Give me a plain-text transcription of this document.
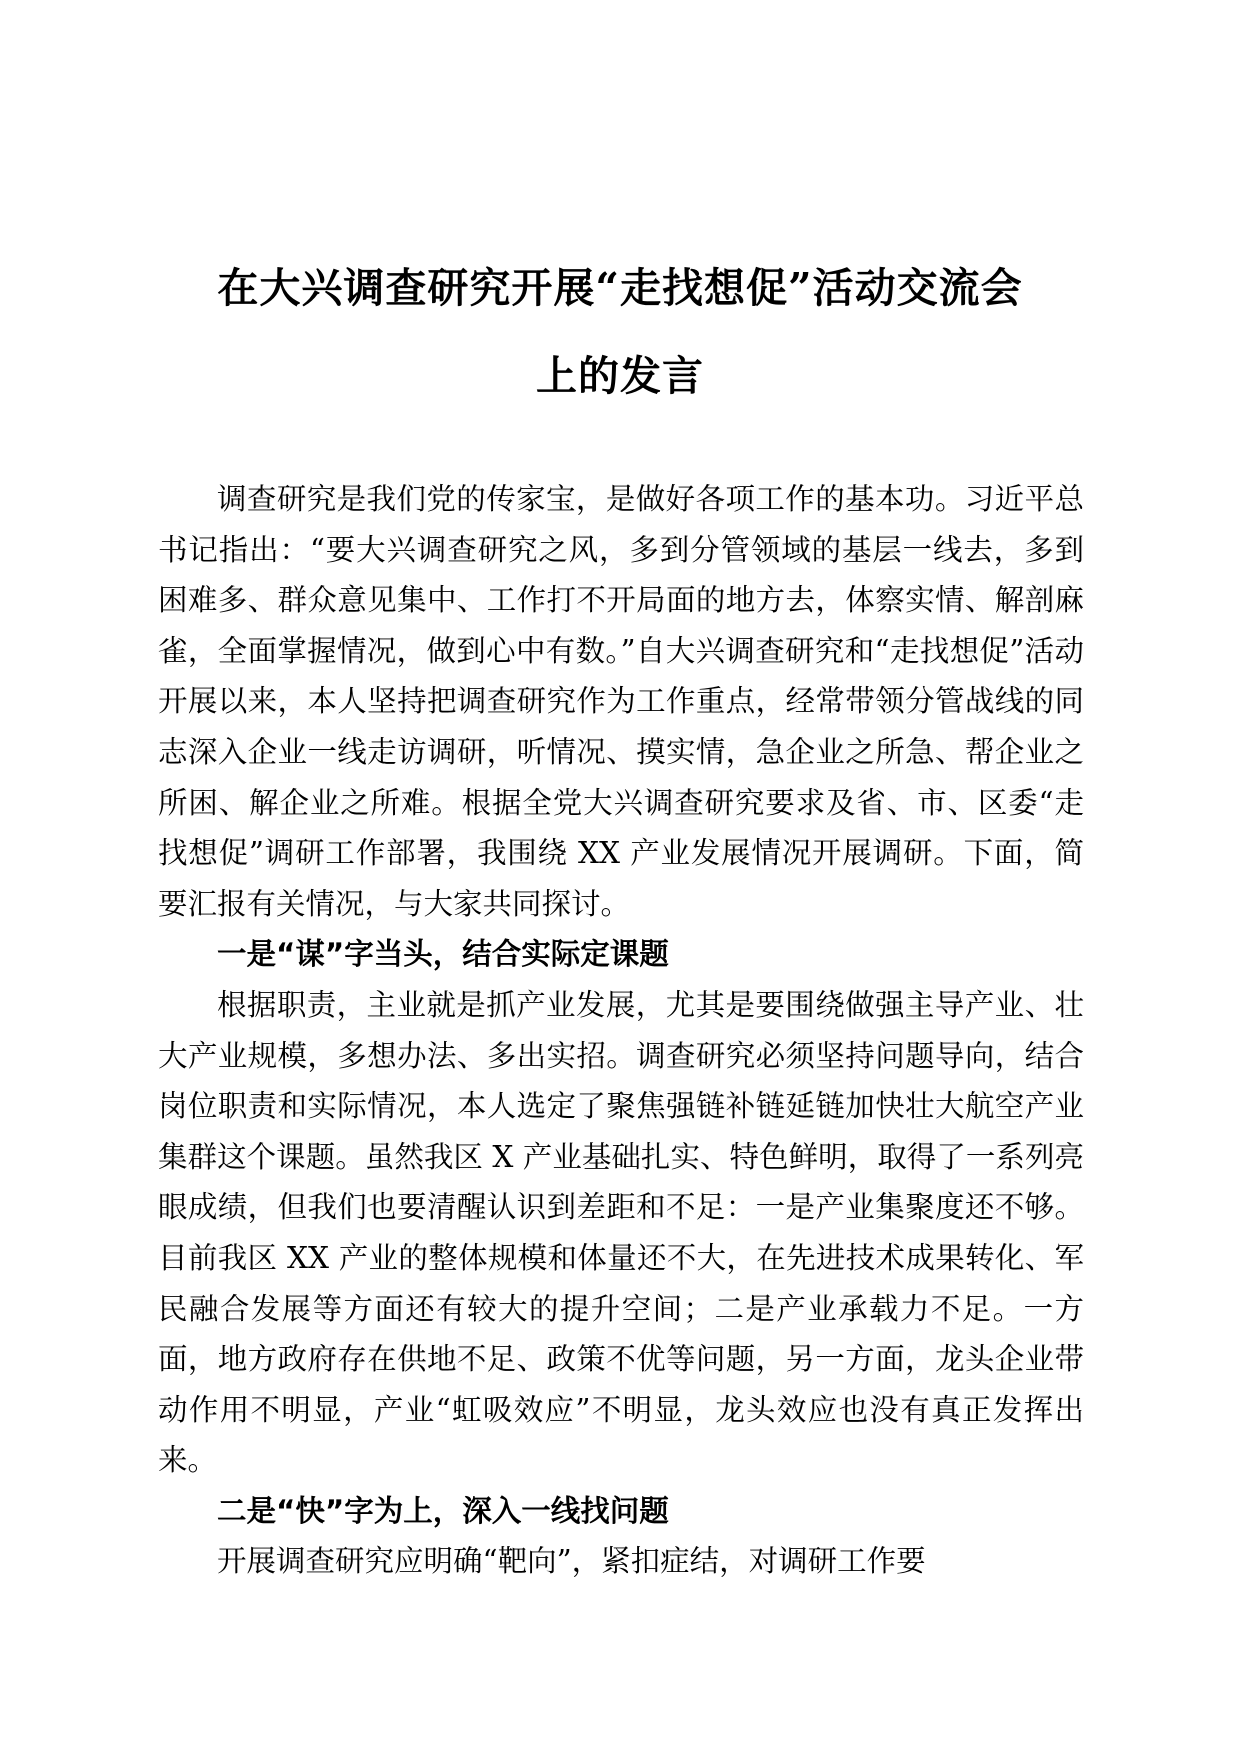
在大兴调查研究开展“走找想促”活动交流会
上的发言

调查研究是我们党的传家宝，是做好各项工作的基本功。习近平总书记指出：“要大兴调查研究之风，多到分管领域的基层一线去，多到困难多、群众意见集中、工作打不开局面的地方去，体察实情、解剖麻雀，全面掌握情况，做到心中有数。”自大兴调查研究和“走找想促”活动开展以来，本人坚持把调查研究作为工作重点，经常带领分管战线的同志深入企业一线走访调研，听情况、摸实情，急企业之所急、帮企业之所困、解企业之所难。根据全党大兴调查研究要求及省、市、区委“走找想促”调研工作部署，我围绕 XX 产业发展情况开展调研。下面，简要汇报有关情况，与大家共同探讨。

一是“谋”字当头，结合实际定课题

根据职责，主业就是抓产业发展，尤其是要围绕做强主导产业、壮大产业规模，多想办法、多出实招。调查研究必须坚持问题导向，结合岗位职责和实际情况，本人选定了聚焦强链补链延链加快壮大航空产业集群这个课题。虽然我区 X 产业基础扎实、特色鲜明，取得了一系列亮眼成绩，但我们也要清醒认识到差距和不足：一是产业集聚度还不够。目前我区 XX 产业的整体规模和体量还不大，在先进技术成果转化、军民融合发展等方面还有较大的提升空间；二是产业承载力不足。一方面，地方政府存在供地不足、政策不优等问题，另一方面，龙头企业带动作用不明显，产业“虹吸效应”不明显，龙头效应也没有真正发挥出来。

二是“快”字为上，深入一线找问题

开展调查研究应明确“靶向”，紧扣症结，对调研工作要
